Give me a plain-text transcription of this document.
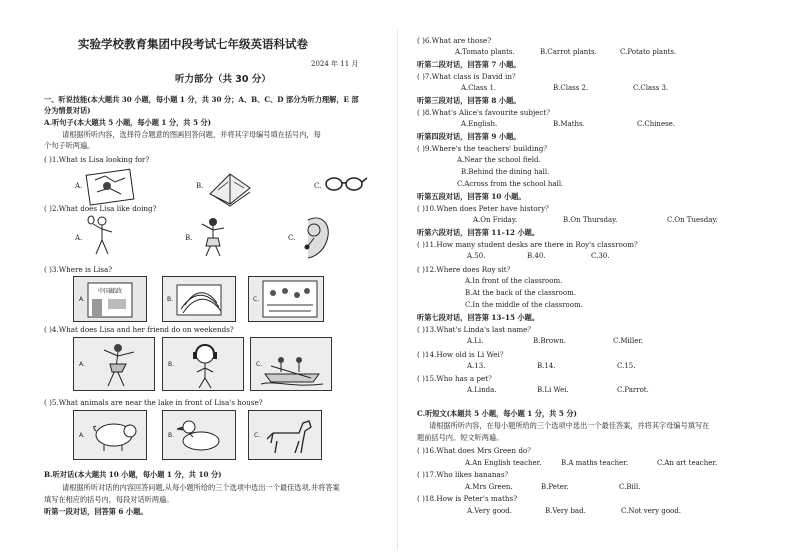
实验学校教育集团中段考试七年级英语科试卷
2024 年 11 月
听力部分（共 30 分）
一、听说技能(本大题共 30 小题，每小题 1 分，共 30 分；A、B、C、D 部分为听力理解，E 部
分为情景对话)
A.听句子(本大题共 5 小题，每小题 1 分，共 5 分)
请根据所听内容，选择符合题意的图画回答问题，并将其字母编号填在括号内，每
个句子听两遍。
( )1.What is Lisa looking for?
A.	B.	C.
( )2.What does Lisa like doing?
A.	B.	C.
( )3.Where is Lisa?
中国邮政
A.	B.	C.
( )4.What does Lisa and her friend do on weekends?
A.	B.	C.
( )5.What animals are near the lake in front of Lisa's house?
A.	B.	C.
B.听对话(本大题共 10 小题，每小题 1 分，共 10 分)
请根据所听对话的内容回答问题,从每小题所给的三个选项中选出一个最佳选项,并将答案
填写在相应的括号内，每段对话听两遍。
听第一段对话，回答第 6 小题。
( )6.What are those?
A.Tomato plants.	B.Carrot plants.	C.Potato plants.
听第二段对话，回答第 7 小题。
( )7.What class is David in？
A.Class 1.	B.Class 2.	C.Class 3.
听第三段对话，回答第 8 小题。
( )8.What's Alice's favourite subject？
A.English.	B.Maths.	C.Chinese.
听第四段对话，回答第 9 小题。
( )9.Where's the teachers' building？
A.Near the school field.
B.Behind the dining hall.
C.Across from the school hall.
听第五段对话，回答第 10 小题。
( )10.When does Peter have history？
A.On Friday.	B.On Thursday.	C.On Tuesday.
听第六段对话，回答第 11–12 小题。
( )11.How many student desks are there in Roy's classroom？
A.50.	B.40.	C.30.
( )12.Where does Roy sit？
A.In front of the classroom.
B.At the back of the classroom.
C.In the middle of the classroom.
听第七段对话，回答第 13–15 小题。
( )13.What's Linda's last name？
A.Li.	B.Brown.	C.Miller.
( )14.How old is Li Wei？
A.13.	B.14.	C.15.
( )15.Who has a pet？
A.Linda.	B.Li Wei.	C.Parrot.
C.听短文(本题共 5 小题，每小题 1 分，共 5 分)
请根据所听内容，在每小题所给的三个选项中选出一个最佳答案，并将其字母编号填写在
题前括号内。短文听两遍。
( )16.What does Mrs Green do？
A.An English teacher.	B.A maths teacher.	C.An art teacher.
( )17.Who likes bananas？
A.Mrs Green.	B.Peter.	C.Bill.
( )18.How is Peter's maths?
A.Very good.	B.Very bad.	C.Not very good.
